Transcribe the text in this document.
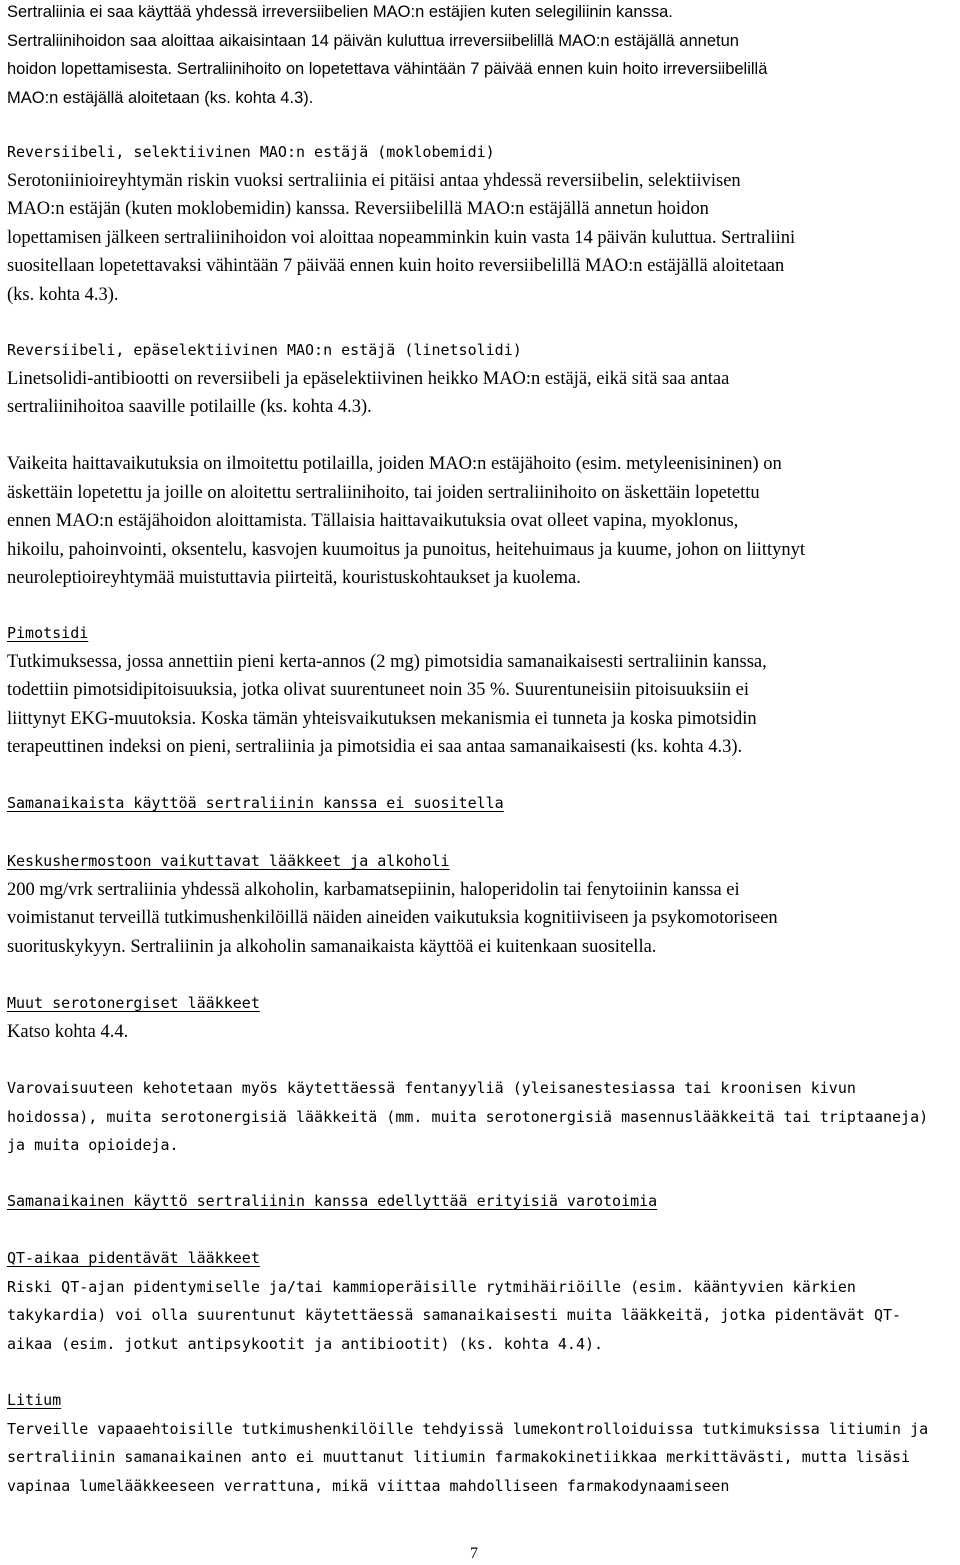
Sertraliinia ei saa käyttää yhdessä irreversiibelien MAO:n estäjien kuten selegiliinin kanssa.
Sertraliinihoidon saa aloittaa aikaisintaan 14 päivän kuluttua irreversiibelillä MAO:n estäjällä annetun
hoidon lopettamisesta. Sertraliinihoito on lopetettava vähintään 7 päivää ennen kuin hoito irreversiibelillä
MAO:n estäjällä aloitetaan (ks. kohta 4.3).
Reversiibeli, selektiivinen MAO:n estäjä (moklobemidi)
Serotoniinioireyhtymän riskin vuoksi sertraliinia ei pitäisi antaa yhdessä reversiibelin, selektiivisen
MAO:n estäjän (kuten moklobemidin) kanssa. Reversiibelillä MAO:n estäjällä annetun hoidon
lopettamisen jälkeen sertraliinihoidon voi aloittaa nopeamminkin kuin vasta 14 päivän kuluttua. Sertraliini
suositellaan lopetettavaksi vähintään 7 päivää ennen kuin hoito reversiibelillä MAO:n estäjällä aloitetaan
(ks. kohta 4.3).
Reversiibeli, epäselektiivinen MAO:n estäjä (linetsolidi)
Linetsolidi-antibiootti on reversiibeli ja epäselektiivinen heikko MAO:n estäjä, eikä sitä saa antaa
sertraliinihoitoa saaville potilaille (ks. kohta 4.3).
Vaikeita haittavaikutuksia on ilmoitettu potilailla, joiden MAO:n estäjähoito (esim. metyleenisininen) on
äskettäin lopetettu ja joille on aloitettu sertraliinihoito, tai joiden sertraliinihoito on äskettäin lopetettu
ennen MAO:n estäjähoidon aloittamista. Tällaisia haittavaikutuksia ovat olleet vapina, myoklonus,
hikoilu, pahoinvointi, oksentelu, kasvojen kuumoitus ja punoitus, heitehuimaus ja kuume, johon on liittynyt
neuroleptioireyhtymää muistuttavia piirteitä, kouristuskohtaukset ja kuolema.
Pimotsidi
Tutkimuksessa, jossa annettiin pieni kerta-annos (2 mg) pimotsidia samanaikaisesti sertraliinin kanssa,
todettiin pimotsidipitoisuuksia, jotka olivat suurentuneet noin 35 %. Suurentuneisiin pitoisuuksiin ei
liittynyt EKG-muutoksia. Koska tämän yhteisvaikutuksen mekanismia ei tunneta ja koska pimotsidin
terapeuttinen indeksi on pieni, sertraliinia ja pimotsidia ei saa antaa samanaikaisesti (ks. kohta 4.3).
Samanaikaista käyttöä sertraliinin kanssa ei suositella
Keskushermostoon vaikuttavat lääkkeet ja alkoholi
200 mg/vrk sertraliinia yhdessä alkoholin, karbamatsepiinin, haloperidolin tai fenytoiinin kanssa ei
voimistanut terveillä tutkimushenkilöillä näiden aineiden vaikutuksia kognitiiviseen ja psykomotoriseen
suorituskykyyn. Sertraliinin ja alkoholin samanaikaista käyttöä ei kuitenkaan suositella.
Muut serotonergiset lääkkeet
Katso kohta 4.4.
Varovaisuuteen kehotetaan myös käytettäessä fentanyyliä (yleisanestesiassa tai kroonisen kivun
hoidossa), muita serotonergisiä lääkkeitä (mm. muita serotonergisiä masennuslääkkeitä tai triptaaneja)
ja muita opioideja.
Samanaikainen käyttö sertraliinin kanssa edellyttää erityisiä varotoimia
QT-aikaa pidentävät lääkkeet
Riski QT-ajan pidentymiselle ja/tai kammioperäisille rytmihäiriöille (esim. kääntyvien kärkien
takykardia) voi olla suurentunut käytettäessä samanaikaisesti muita lääkkeitä, jotka pidentävät QT-
aikaa (esim. jotkut antipsykootit ja antibiootit) (ks. kohta 4.4).
Litium
Terveille vapaaehtoisille tutkimushenkilöille tehdyissä lumekontrolloiduissa tutkimuksissa litiumin ja
sertraliinin samanaikainen anto ei muuttanut litiumin farmakokinetiikkaa merkittävästi, mutta lisäsi
vapinaa lumelääkkeeseen verrattuna, mikä viittaa mahdolliseen farmakodynaamiseen
7
